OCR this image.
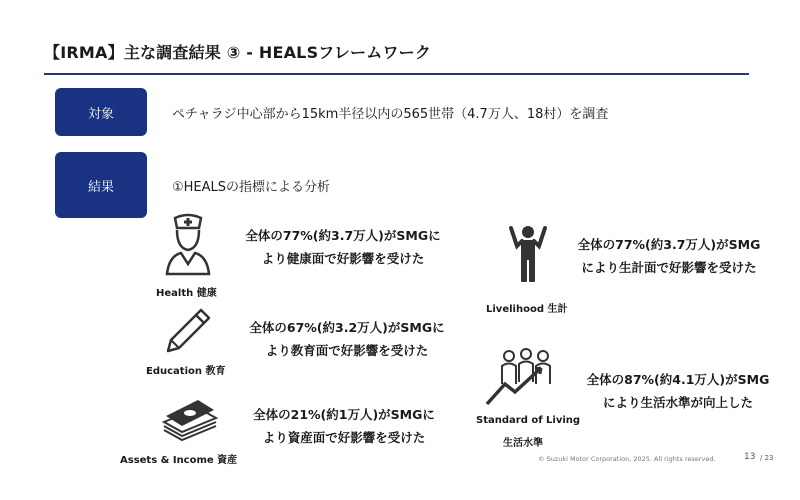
【IRMA】主な調査結果 ③ - HEALSフレームワーク
対象	ペチャラジ中心部から15km半径以内の565世帯（4.7万人、18村）を調査
結果	①HEALSの指標による分析
Health 健康
全体の77%(約3.7万人)がSMGに
より健康面で好影響を受けた
Education 教育
全体の67%(約3.2万人)がSMGに
より教育面で好影響を受けた
Assets & Income 資産
全体の21%(約1万人)がSMGに
より資産面で好影響を受けた
Livelihood 生計
全体の77%(約3.7万人)がSMG
により生計面で好影響を受けた
Standard of Living
生活水準
全体の87%(約4.1万人)がSMG
により生活水準が向上した
© Suzuki Motor Corporation, 2025. All rights reserved.	13 / 23
